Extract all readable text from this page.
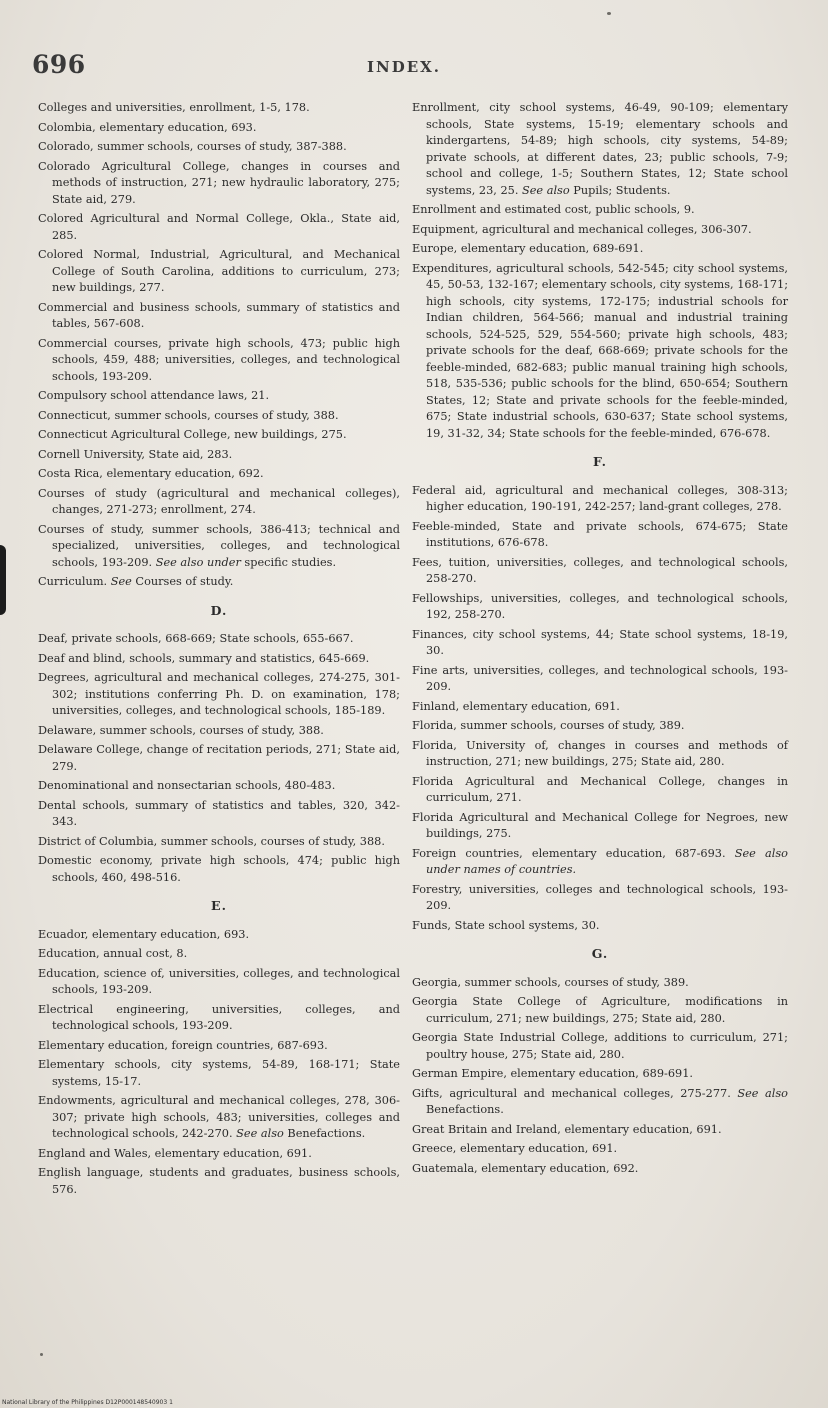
696	INDEX.
Colleges and universities, enrollment, 1-5, 178.
Colombia, elementary education, 693.
Colorado, summer schools, courses of study, 387-388.
Colorado Agricultural College, changes in courses and methods of instruction, 271; new hydraulic laboratory, 275; State aid, 279.
Colored Agricultural and Normal College, Okla., State aid, 285.
Colored Normal, Industrial, Agricultural, and Mechanical College of South Carolina, additions to curriculum, 273; new buildings, 277.
Commercial and business schools, summary of statistics and tables, 567-608.
Commercial courses, private high schools, 473; public high schools, 459, 488; universities, colleges, and technological schools, 193-209.
Compulsory school attendance laws, 21.
Connecticut, summer schools, courses of study, 388.
Connecticut Agricultural College, new buildings, 275.
Cornell University, State aid, 283.
Costa Rica, elementary education, 692.
Courses of study (agricultural and mechanical colleges), changes, 271-273; enrollment, 274.
Courses of study, summer schools, 386-413; technical and specialized, universities, colleges, and technological schools, 193-209. See also under specific studies.
Curriculum. See Courses of study.
D.
Deaf, private schools, 668-669; State schools, 655-667.
Deaf and blind, schools, summary and statistics, 645-669.
Degrees, agricultural and mechanical colleges, 274-275, 301-302; institutions conferring Ph. D. on examination, 178; universities, colleges, and technological schools, 185-189.
Delaware, summer schools, courses of study, 388.
Delaware College, change of recitation periods, 271; State aid, 279.
Denominational and nonsectarian schools, 480-483.
Dental schools, summary of statistics and tables, 320, 342-343.
District of Columbia, summer schools, courses of study, 388.
Domestic economy, private high schools, 474; public high schools, 460, 498-516.
E.
Ecuador, elementary education, 693.
Education, annual cost, 8.
Education, science of, universities, colleges, and technological schools, 193-209.
Electrical engineering, universities, colleges, and technological schools, 193-209.
Elementary education, foreign countries, 687-693.
Elementary schools, city systems, 54-89, 168-171; State systems, 15-17.
Endowments, agricultural and mechanical colleges, 278, 306-307; private high schools, 483; universities, colleges and technological schools, 242-270. See also Benefactions.
England and Wales, elementary education, 691.
English language, students and graduates, business schools, 576.
Enrollment, city school systems, 46-49, 90-109; elementary schools, State systems, 15-19; elementary schools and kindergartens, 54-89; high schools, city systems, 54-89; private schools, at different dates, 23; public schools, 7-9; school and college, 1-5; Southern States, 12; State school systems, 23, 25. See also Pupils; Students.
Enrollment and estimated cost, public schools, 9.
Equipment, agricultural and mechanical colleges, 306-307.
Europe, elementary education, 689-691.
Expenditures, agricultural schools, 542-545; city school systems, 45, 50-53, 132-167; elementary schools, city systems, 168-171; high schools, city systems, 172-175; industrial schools for Indian children, 564-566; manual and industrial training schools, 524-525, 529, 554-560; private high schools, 483; private schools for the deaf, 668-669; private schools for the feeble-minded, 682-683; public manual training high schools, 518, 535-536; public schools for the blind, 650-654; Southern States, 12; State and private schools for the feeble-minded, 675; State industrial schools, 630-637; State school systems, 19, 31-32, 34; State schools for the feeble-minded, 676-678.
F.
Federal aid, agricultural and mechanical colleges, 308-313; higher education, 190-191, 242-257; land-grant colleges, 278.
Feeble-minded, State and private schools, 674-675; State institutions, 676-678.
Fees, tuition, universities, colleges, and technological schools, 258-270.
Fellowships, universities, colleges, and technological schools, 192, 258-270.
Finances, city school systems, 44; State school systems, 18-19, 30.
Fine arts, universities, colleges, and technological schools, 193-209.
Finland, elementary education, 691.
Florida, summer schools, courses of study, 389.
Florida, University of, changes in courses and methods of instruction, 271; new buildings, 275; State aid, 280.
Florida Agricultural and Mechanical College, changes in curriculum, 271.
Florida Agricultural and Mechanical College for Negroes, new buildings, 275.
Foreign countries, elementary education, 687-693. See also under names of countries.
Forestry, universities, colleges and technological schools, 193-209.
Funds, State school systems, 30.
G.
Georgia, summer schools, courses of study, 389.
Georgia State College of Agriculture, modifications in curriculum, 271; new buildings, 275; State aid, 280.
Georgia State Industrial College, additions to curriculum, 271; poultry house, 275; State aid, 280.
German Empire, elementary education, 689-691.
Gifts, agricultural and mechanical colleges, 275-277. See also Benefactions.
Great Britain and Ireland, elementary education, 691.
Greece, elementary education, 691.
Guatemala, elementary education, 692.
National Library of the Philippines D12P000148540903 1
